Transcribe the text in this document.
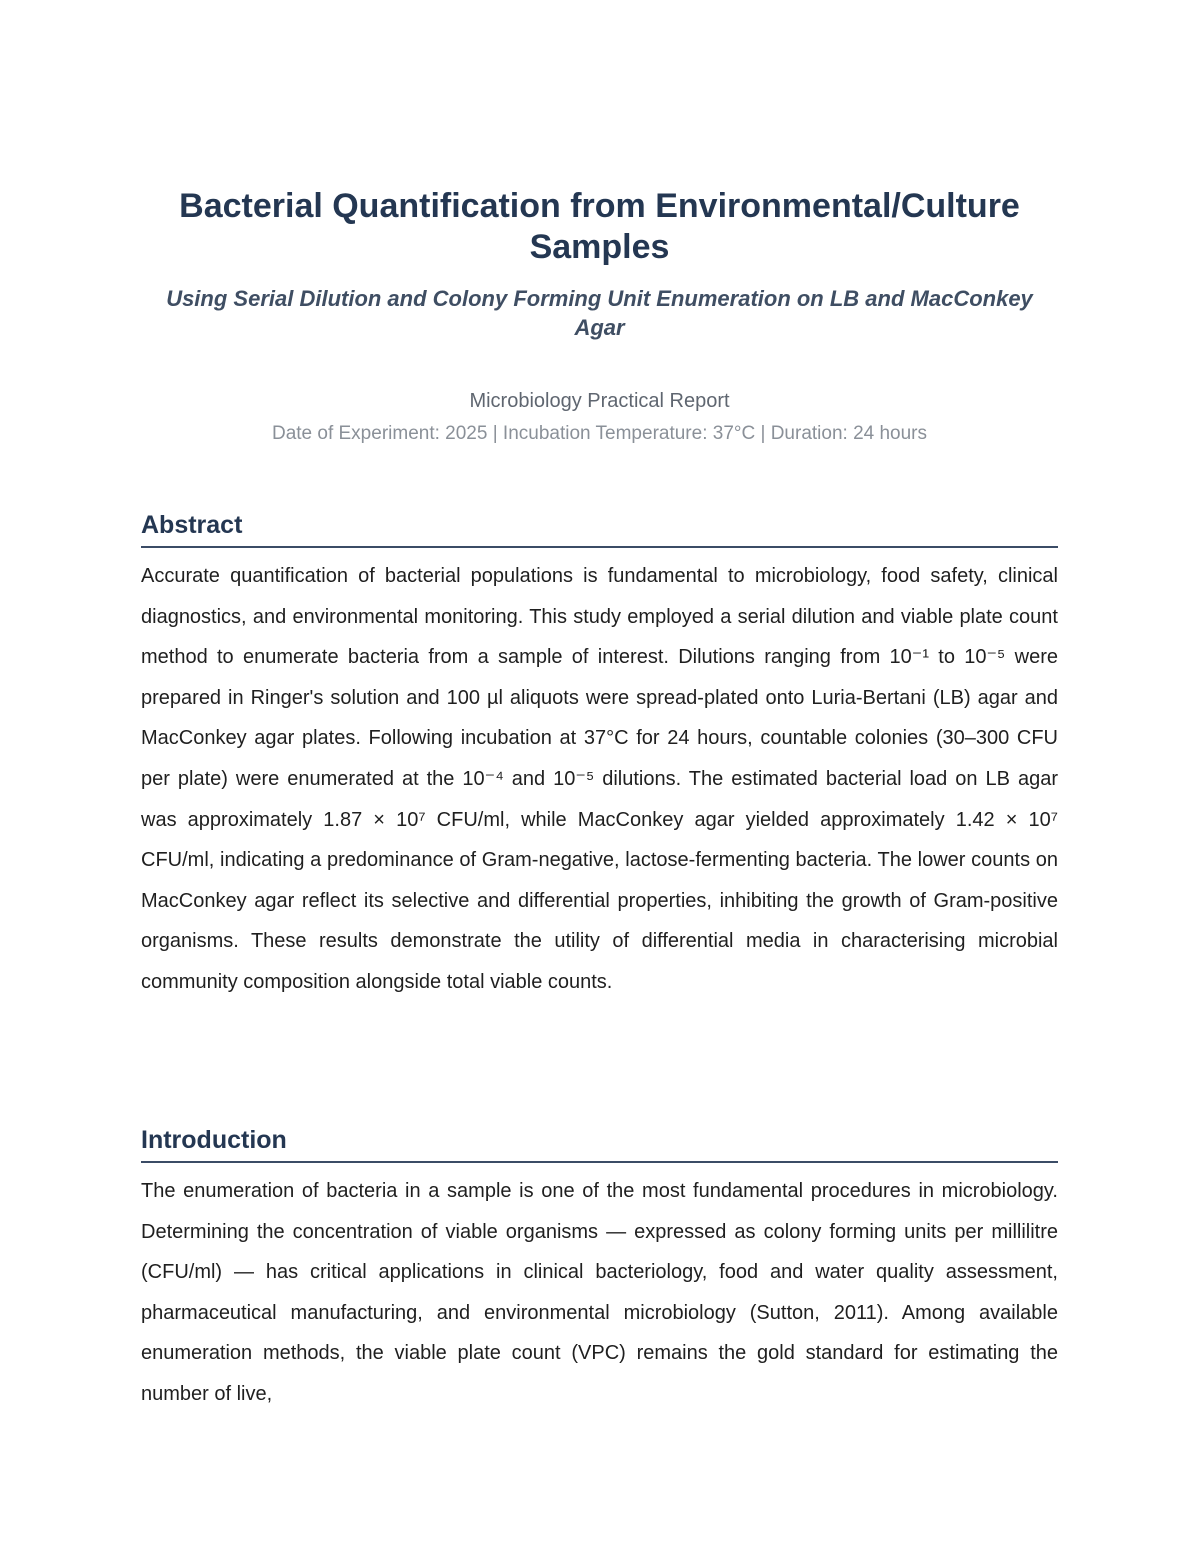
Bacterial Quantification from Environmental/Culture Samples

Using Serial Dilution and Colony Forming Unit Enumeration on LB and MacConkey Agar

Microbiology Practical Report

Date of Experiment: 2025 | Incubation Temperature: 37°C | Duration: 24 hours

Abstract

Accurate quantification of bacterial populations is fundamental to microbiology, food safety, clinical diagnostics, and environmental monitoring. This study employed a serial dilution and viable plate count method to enumerate bacteria from a sample of interest. Dilutions ranging from 10⁻¹ to 10⁻⁵ were prepared in Ringer's solution and 100 µl aliquots were spread-plated onto Luria-Bertani (LB) agar and MacConkey agar plates. Following incubation at 37°C for 24 hours, countable colonies (30–300 CFU per plate) were enumerated at the 10⁻⁴ and 10⁻⁵ dilutions. The estimated bacterial load on LB agar was approximately 1.87 × 10⁷ CFU/ml, while MacConkey agar yielded approximately 1.42 × 10⁷ CFU/ml, indicating a predominance of Gram-negative, lactose-fermenting bacteria. The lower counts on MacConkey agar reflect its selective and differential properties, inhibiting the growth of Gram-positive organisms. These results demonstrate the utility of differential media in characterising microbial community composition alongside total viable counts.

Introduction

The enumeration of bacteria in a sample is one of the most fundamental procedures in microbiology. Determining the concentration of viable organisms — expressed as colony forming units per millilitre (CFU/ml) — has critical applications in clinical bacteriology, food and water quality assessment, pharmaceutical manufacturing, and environmental microbiology (Sutton, 2011). Among available enumeration methods, the viable plate count (VPC) remains the gold standard for estimating the number of live,
